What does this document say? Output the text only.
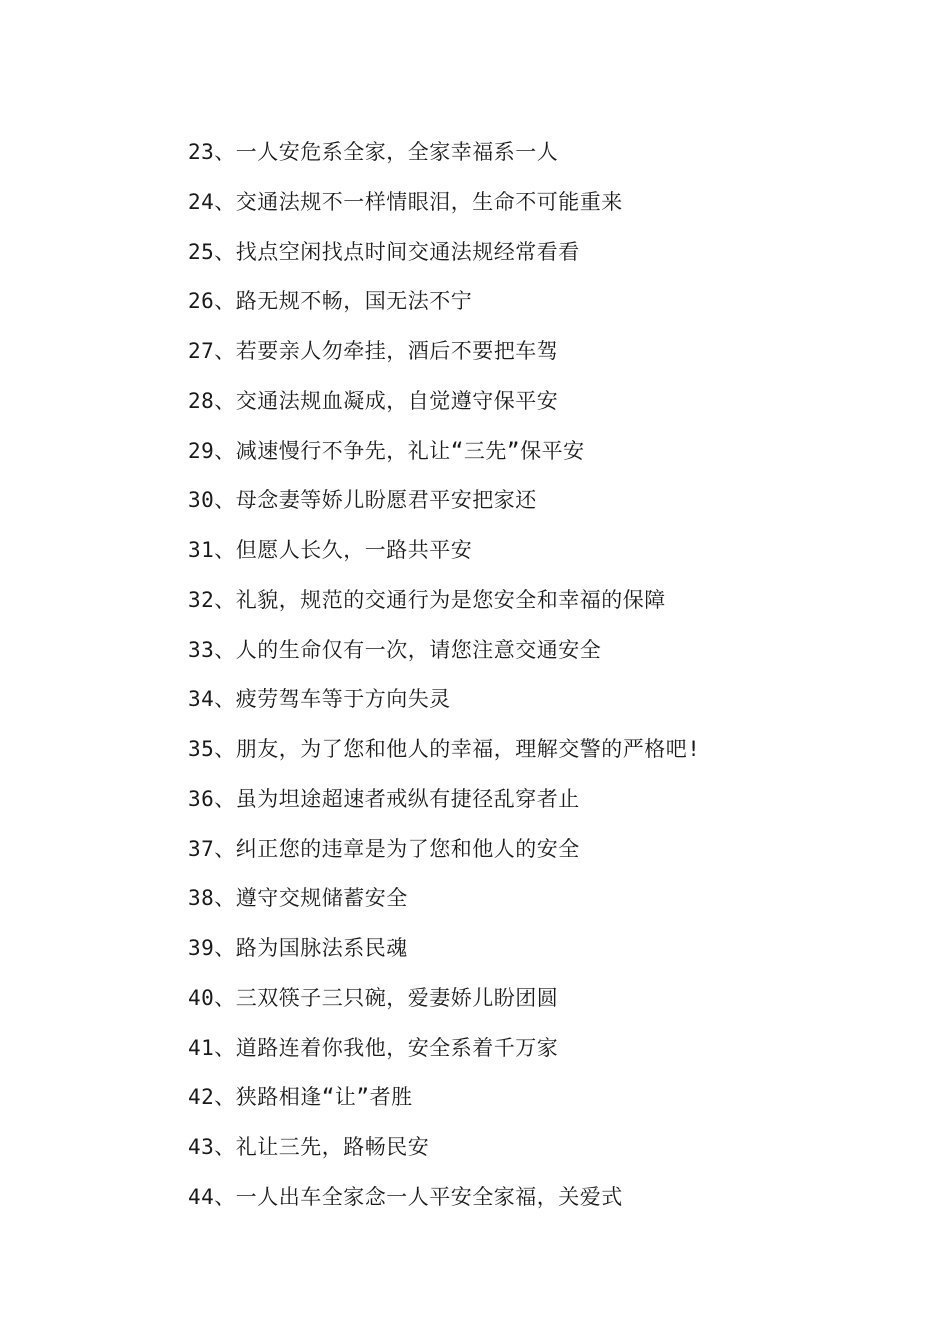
23、一人安危系全家，全家幸福系一人
24、交通法规不一样情眼泪，生命不可能重来
25、找点空闲找点时间交通法规经常看看
26、路无规不畅，国无法不宁
27、若要亲人勿牵挂，酒后不要把车驾
28、交通法规血凝成，自觉遵守保平安
29、减速慢行不争先，礼让“三先”保平安
30、母念妻等娇儿盼愿君平安把家还
31、但愿人长久，一路共平安
32、礼貌，规范的交通行为是您安全和幸福的保障
33、人的生命仅有一次，请您注意交通安全
34、疲劳驾车等于方向失灵
35、朋友，为了您和他人的幸福，理解交警的严格吧!
36、虽为坦途超速者戒纵有捷径乱穿者止
37、纠正您的违章是为了您和他人的安全
38、遵守交规储蓄安全
39、路为国脉法系民魂
40、三双筷子三只碗，爱妻娇儿盼团圆
41、道路连着你我他，安全系着千万家
42、狭路相逢“让”者胜
43、礼让三先，路畅民安
44、一人出车全家念一人平安全家福，关爱式
